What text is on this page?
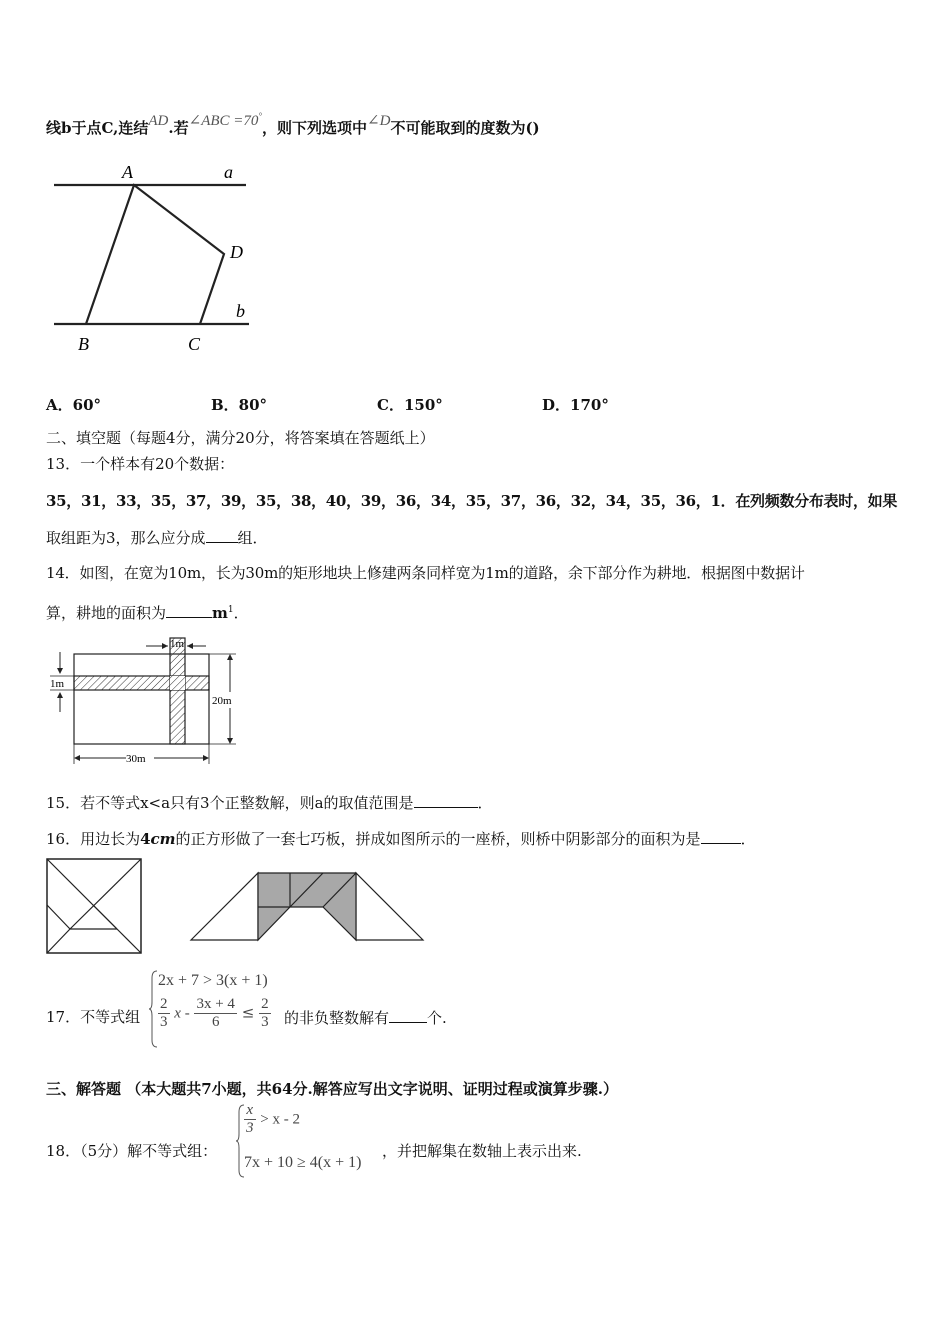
线b于点C,连结AD.若∠ABC =70°，则下列选项中∠D不可能取到的度数为()
A	a
D
b
B	C
A．60°	B．80°	C．150°	D．170°
二、填空题（每题4分，满分20分，将答案填在答题纸上）
13．一个样本有20个数据：
35，31，33，35，37，39，35，38，40，39，36，34，35，37，36，32，34，35，36，1．在列频数分布表时，如果
取组距为3，那么应分成 组．
14．如图，在宽为10m，长为30m的矩形地块上修建两条同样宽为1m的道路，余下部分作为耕地．根据图中数据计
算，耕地的面积为	$m^1$．
1m
1m
20m
30m
15．若不等式x<a只有3个正整数解，则a的取值范围是	．
16．用边长为4cm的正方形做了一套七巧板，拼成如图所示的一座桥，则桥中阴影部分的面积为是	．
17．不等式组
2x + 7 > 3(x + 1)
$\frac{2}{3}$ $x - \frac{3x + 4}{6} \le \frac{2}{3}$ 的非负整数解有	个.
三、解答题 （本大题共7小题，共64分.解答应写出文字说明、证明过程或演算步骤.）
18．（5分）解不等式组：
$\frac{x}{3} > x - 2$
7x + 10 ≥ 4(x + 1)
，并把解集在数轴上表示出来.
